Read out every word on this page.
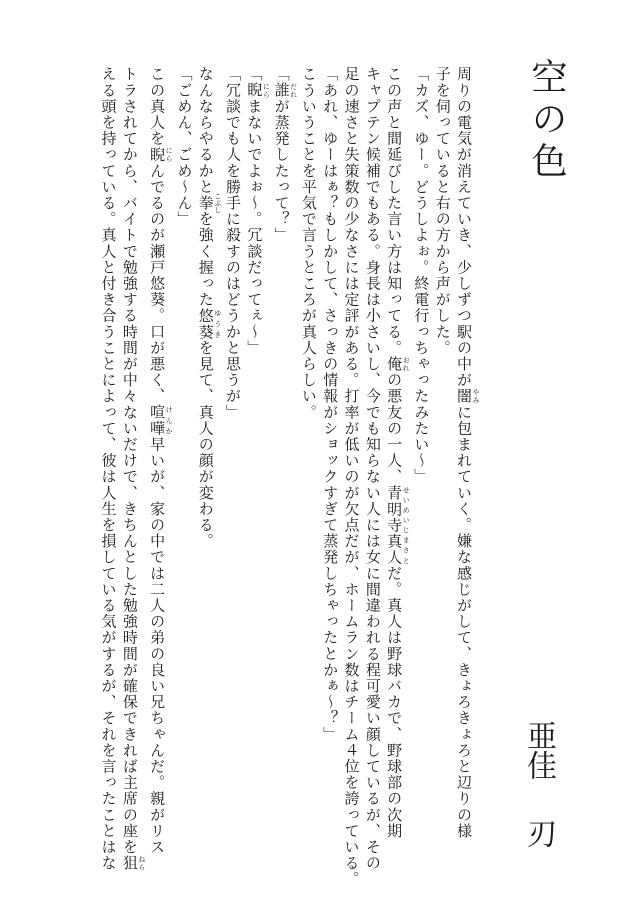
空の色
亜佳刃
周りの電気が消えていき、少しずつ駅の中が闇 やみに包まれていく。嫌な感じがして、きょろきょろと辺りの様
子を伺っていると右の方から声がした。
「カズ、ゆー。どうしよぉ。終電行っちゃったみたい～」
この声と間延びした言い方は知ってる。俺 おれの悪友の一人、青明寺真人 せいめいじまさとだ。真人は野球バカで、野球部の次期
キャプテン候補でもある。身長は小さいし、今でも知らない人には女に間違われる程可愛い顔しているが、その
足の速さと失策数の少なさには定評がある。打率が低いのが欠点だが、ホームラン数はチーム４位を誇っている。
「あれ、ゆーはぁ？もしかして、さっきの情報がショックすぎて蒸発しちゃったとかぁ～？」
こういうことを平気で言うところが真人らしい。
「誰 だれが蒸発したって？」
「睨 にらまないでよぉ～。冗談だってぇ～」
「冗談でも人を勝手に殺すのはどうかと思うが」
なんならやるかと拳 こぶしを強く握った悠葵 ゆうきを見て、真人の顔が変わる。
「ごめん、ごめ～ん」
この真人を睨 にらんでるのが瀬戸悠葵。口が悪く、喧嘩 けんか早いが、家の中では二人の弟の良い兄ちゃんだ。親がリス
トラされてから、バイトで勉強する時間が中々ないだけで、きちんとした勉強時間が確保できれば主席の座を狙 ねら
える頭を持っている。真人と付き合うことによって、彼は人生を損している気がするが、それを言ったことはな
